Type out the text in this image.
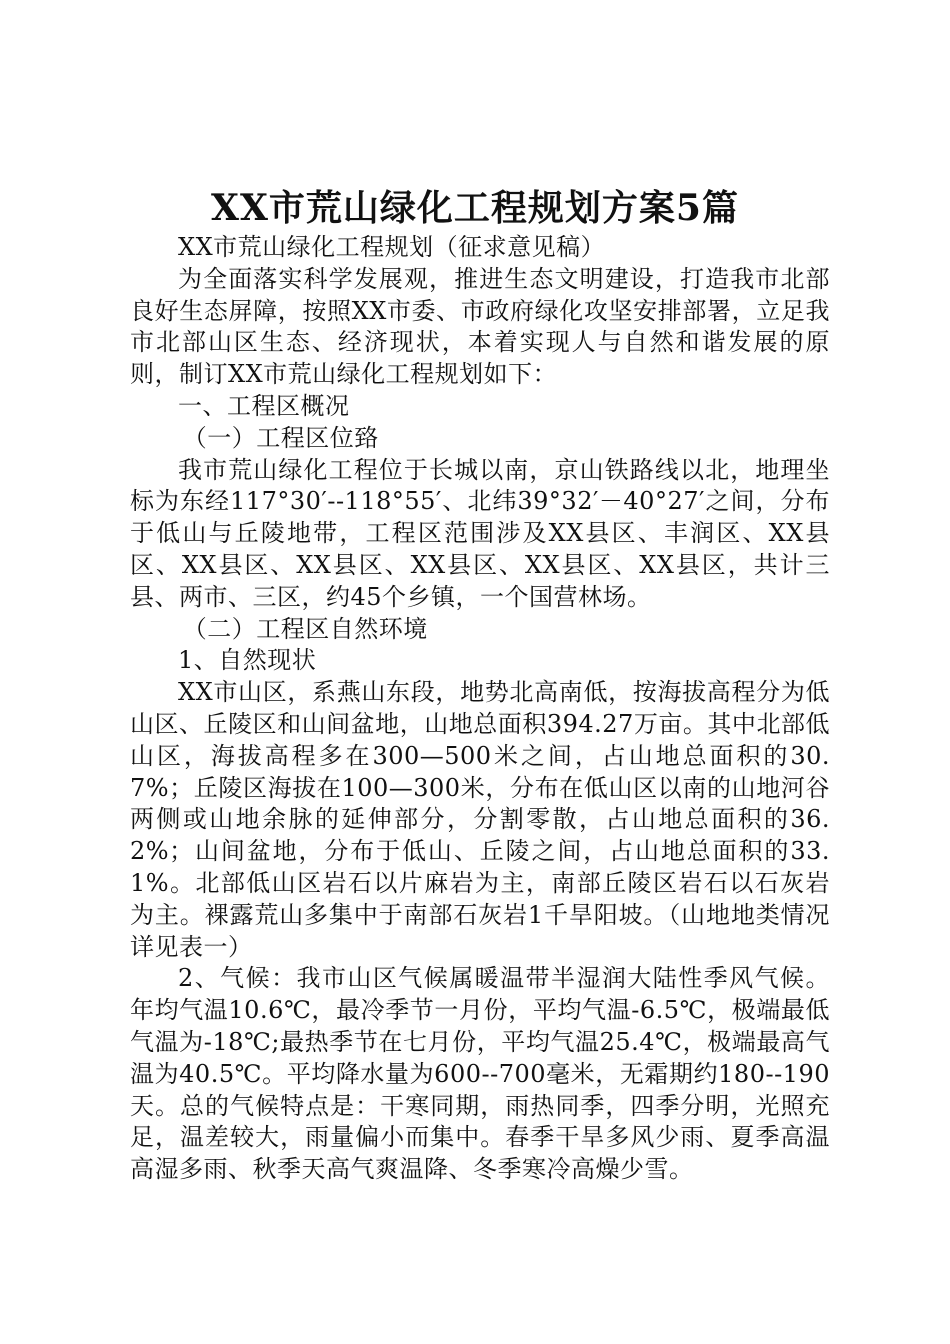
XX市荒山绿化工程规划方案5篇

XX市荒山绿化工程规划（征求意见稿）

为全面落实科学发展观，推进生态文明建设，打造我市北部良好生态屏障，按照XX市委、市政府绿化攻坚安排部署，立足我市北部山区生态、经济现状，本着实现人与自然和谐发展的原则，制订XX市荒山绿化工程规划如下：

一、工程区概况

（一）工程区位臵

我市荒山绿化工程位于长城以南，京山铁路线以北，地理坐标为东经117°30′--118°55′、北纬39°32′－40°27′之间，分布于低山与丘陵地带，工程区范围涉及XX县区、丰润区、XX县区、XX县区、XX县区、XX县区、XX县区、XX县区，共计三县、两市、三区，约45个乡镇，一个国营林场。

（二）工程区自然环境

1、自然现状

XX市山区，系燕山东段，地势北高南低，按海拔高程分为低山区、丘陵区和山间盆地，山地总面积394.27万亩。其中北部低山区，海拔高程多在300—500米之间，占山地总面积的30.7%；丘陵区海拔在100—300米，分布在低山区以南的山地河谷两侧或山地余脉的延伸部分，分割零散，占山地总面积的36.2%；山间盆地，分布于低山、丘陵之间，占山地总面积的33.1%。北部低山区岩石以片麻岩为主，南部丘陵区岩石以石灰岩为主。裸露荒山多集中于南部石灰岩1千旱阳坡。（山地地类情况详见表一）

2、气候：我市山区气候属暖温带半湿润大陆性季风气候。年均气温10.6℃，最冷季节一月份，平均气温-6.5℃，极端最低气温为-18℃;最热季节在七月份，平均气温25.4℃，极端最高气温为40.5℃。平均降水量为600--700毫米，无霜期约180--190天。总的气候特点是：干寒同期，雨热同季，四季分明，光照充足，温差较大，雨量偏小而集中。春季干旱多风少雨、夏季高温高湿多雨、秋季天高气爽温降、冬季寒冷高燥少雪。
